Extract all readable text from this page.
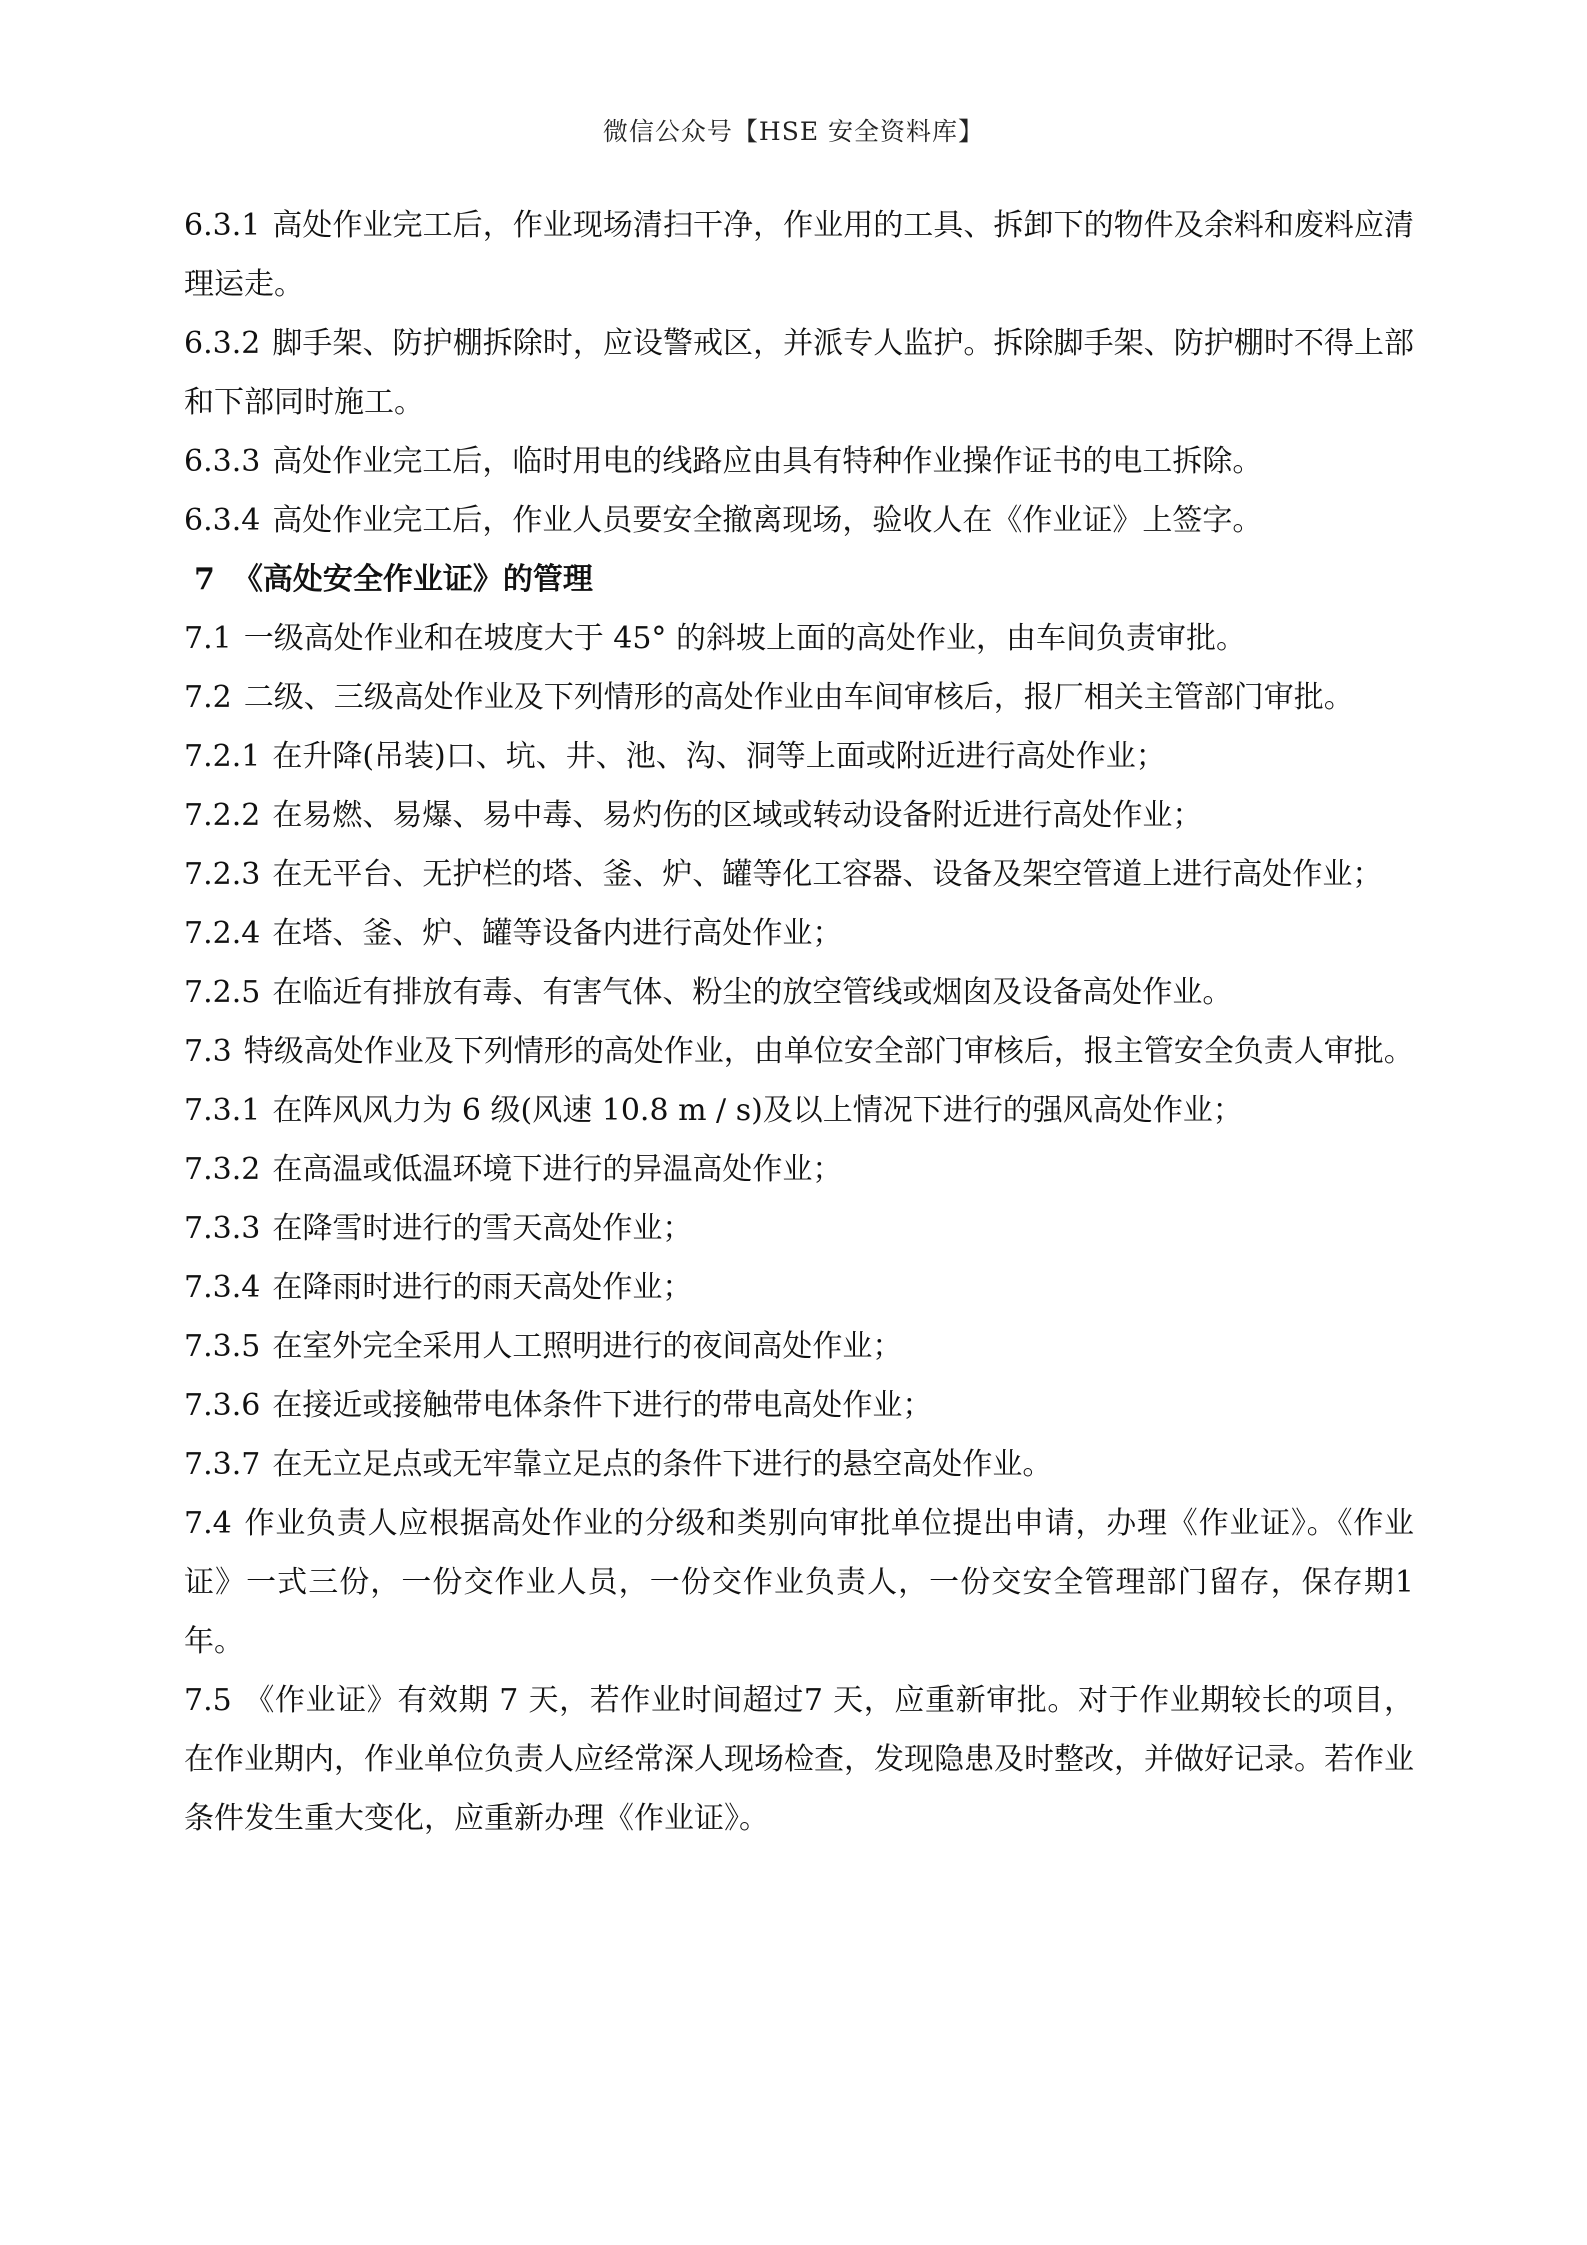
微信公众号【HSE 安全资料库】

6.3.1 高处作业完工后，作业现场清扫干净，作业用的工具、拆卸下的物件及余料和废料应清理运走。

6.3.2 脚手架、防护棚拆除时，应设警戒区，并派专人监护。拆除脚手架、防护棚时不得上部和下部同时施工。

6.3.3 高处作业完工后，临时用电的线路应由具有特种作业操作证书的电工拆除。

6.3.4 高处作业完工后，作业人员要安全撤离现场，验收人在《作业证》上签字。

7 《高处安全作业证》的管理

7.1 一级高处作业和在坡度大于 45° 的斜坡上面的高处作业，由车间负责审批。

7.2 二级、三级高处作业及下列情形的高处作业由车间审核后，报厂相关主管部门审批。

7.2.1 在升降(吊装)口、坑、井、池、沟、洞等上面或附近进行高处作业；

7.2.2 在易燃、易爆、易中毒、易灼伤的区域或转动设备附近进行高处作业；

7.2.3 在无平台、无护栏的塔、釜、炉、罐等化工容器、设备及架空管道上进行高处作业；

7.2.4 在塔、釜、炉、罐等设备内进行高处作业；

7.2.5 在临近有排放有毒、有害气体、粉尘的放空管线或烟囱及设备高处作业。

7.3 特级高处作业及下列情形的高处作业，由单位安全部门审核后，报主管安全负责人审批。

7.3.1 在阵风风力为 6 级(风速 10.8 m / s)及以上情况下进行的强风高处作业；

7.3.2 在高温或低温环境下进行的异温高处作业；

7.3.3 在降雪时进行的雪天高处作业；

7.3.4 在降雨时进行的雨天高处作业；

7.3.5 在室外完全采用人工照明进行的夜间高处作业；

7.3.6 在接近或接触带电体条件下进行的带电高处作业；

7.3.7 在无立足点或无牢靠立足点的条件下进行的悬空高处作业。

7.4 作业负责人应根据高处作业的分级和类别向审批单位提出申请，办理《作业证》。《作业证》一式三份，一份交作业人员，一份交作业负责人，一份交安全管理部门留存，保存期1 年。

7.5 《作业证》有效期 7 天，若作业时间超过7 天，应重新审批。对于作业期较长的项目，在作业期内，作业单位负责人应经常深人现场检查，发现隐患及时整改，并做好记录。若作业条件发生重大变化，应重新办理《作业证》。
